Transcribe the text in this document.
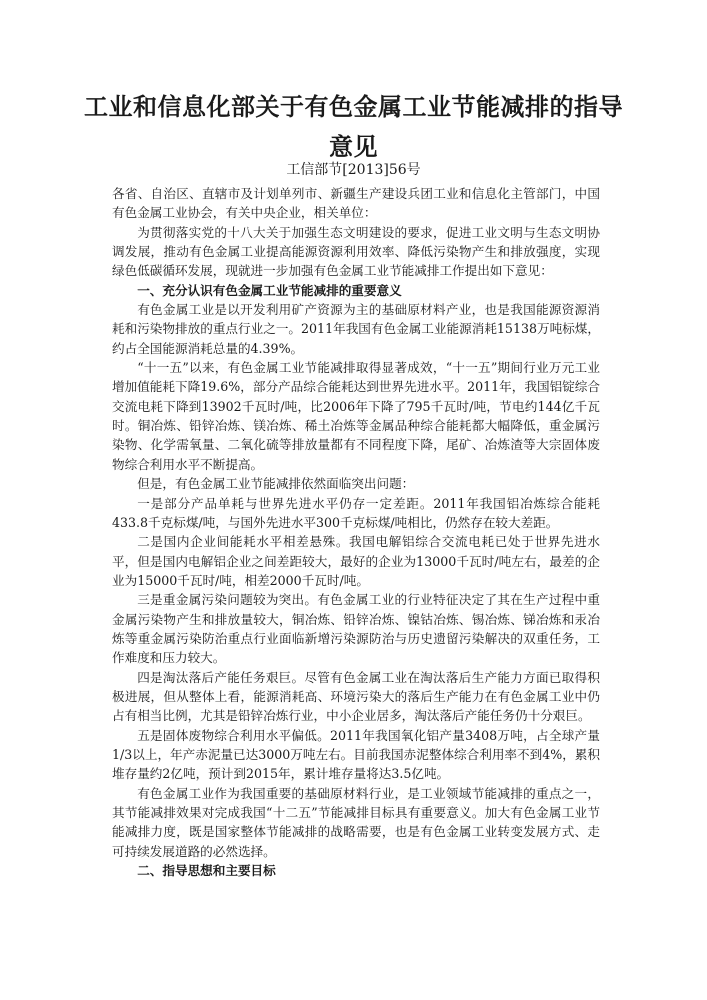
工业和信息化部关于有色金属工业节能减排的指导
意见

工信部节[2013]56号

各省、自治区、直辖市及计划单列市、新疆生产建设兵团工业和信息化主管部门，中国有色金属工业协会，有关中央企业，相关单位：

为贯彻落实党的十八大关于加强生态文明建设的要求，促进工业文明与生态文明协调发展，推动有色金属工业提高能源资源利用效率、降低污染物产生和排放强度，实现绿色低碳循环发展，现就进一步加强有色金属工业节能减排工作提出如下意见：

一、充分认识有色金属工业节能减排的重要意义

有色金属工业是以开发利用矿产资源为主的基础原材料产业，也是我国能源资源消耗和污染物排放的重点行业之一。2011年我国有色金属工业能源消耗15138万吨标煤，约占全国能源消耗总量的4.39%。

“十一五”以来，有色金属工业节能减排取得显著成效，“十一五”期间行业万元工业增加值能耗下降19.6%，部分产品综合能耗达到世界先进水平。2011年，我国铝锭综合交流电耗下降到13902千瓦时/吨，比2006年下降了795千瓦时/吨，节电约144亿千瓦时。铜冶炼、铅锌冶炼、镁冶炼、稀土冶炼等金属品种综合能耗都大幅降低，重金属污染物、化学需氧量、二氧化硫等排放量都有不同程度下降，尾矿、冶炼渣等大宗固体废物综合利用水平不断提高。

但是，有色金属工业节能减排依然面临突出问题：

一是部分产品单耗与世界先进水平仍存一定差距。2011年我国铝冶炼综合能耗433.8千克标煤/吨，与国外先进水平300千克标煤/吨相比，仍然存在较大差距。

二是国内企业间能耗水平相差悬殊。我国电解铝综合交流电耗已处于世界先进水平，但是国内电解铝企业之间差距较大，最好的企业为13000千瓦时/吨左右，最差的企业为15000千瓦时/吨，相差2000千瓦时/吨。

三是重金属污染问题较为突出。有色金属工业的行业特征决定了其在生产过程中重金属污染物产生和排放量较大，铜冶炼、铅锌冶炼、镍钴冶炼、锡冶炼、锑冶炼和汞冶炼等重金属污染防治重点行业面临新增污染源防治与历史遗留污染解决的双重任务，工作难度和压力较大。

四是淘汰落后产能任务艰巨。尽管有色金属工业在淘汰落后生产能力方面已取得积极进展，但从整体上看，能源消耗高、环境污染大的落后生产能力在有色金属工业中仍占有相当比例，尤其是铅锌冶炼行业，中小企业居多，淘汰落后产能任务仍十分艰巨。

五是固体废物综合利用水平偏低。2011年我国氧化铝产量3408万吨，占全球产量1/3以上，年产赤泥量已达3000万吨左右。目前我国赤泥整体综合利用率不到4%，累积堆存量约2亿吨，预计到2015年，累计堆存量将达3.5亿吨。

有色金属工业作为我国重要的基础原材料行业，是工业领域节能减排的重点之一，其节能减排效果对完成我国“十二五”节能减排目标具有重要意义。加大有色金属工业节能减排力度，既是国家整体节能减排的战略需要，也是有色金属工业转变发展方式、走可持续发展道路的必然选择。

二、指导思想和主要目标
